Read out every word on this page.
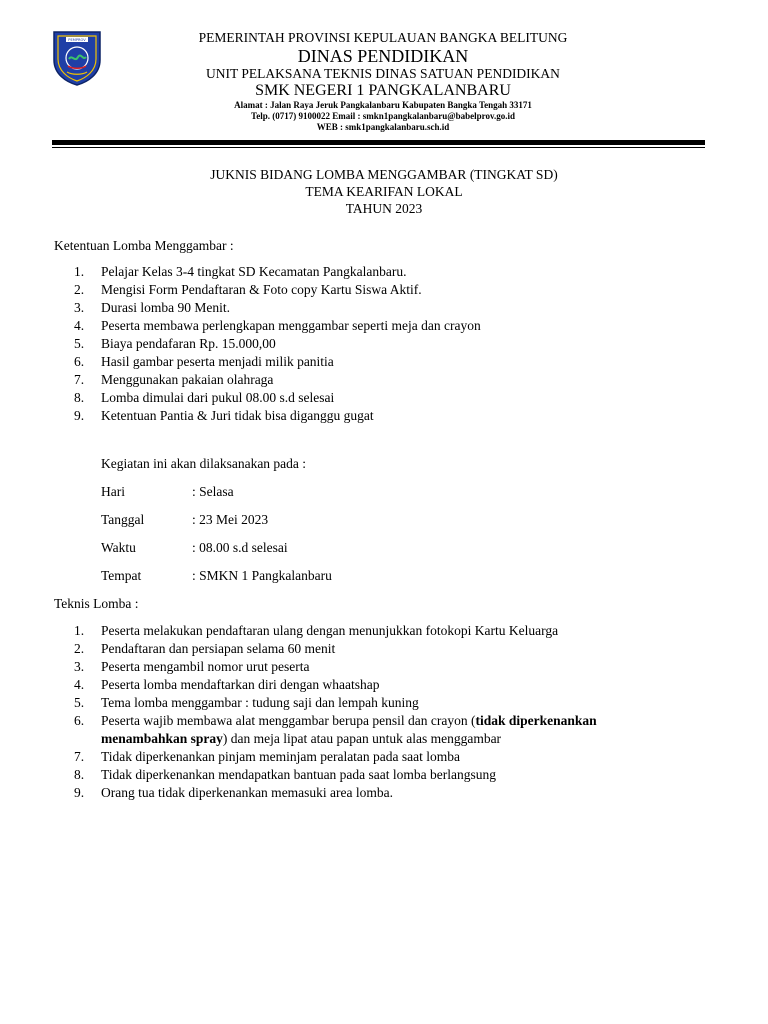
PEMPROV	PEMERINTAH PROVINSI KEPULAUAN BANGKA BELITUNG
DINAS PENDIDIKAN
UNIT PELAKSANA TEKNIS DINAS SATUAN PENDIDIKAN
SMK NEGERI 1 PANGKALANBARU
Alamat : Jalan Raya Jeruk Pangkalanbaru Kabupaten Bangka Tengah 33171
Telp. (0717) 9100022 Email : smkn1pangkalanbaru@babelprov.go.id
WEB : smk1pangkalanbaru.sch.id
JUKNIS BIDANG LOMBA MENGGAMBAR (TINGKAT SD)
TEMA KEARIFAN LOKAL
TAHUN 2023
Ketentuan Lomba Menggambar :
1.	Pelajar Kelas 3-4 tingkat SD Kecamatan Pangkalanbaru.
2.	Mengisi Form Pendaftaran & Foto copy Kartu Siswa Aktif.
3.	Durasi lomba 90 Menit.
4.	Peserta membawa perlengkapan menggambar seperti meja dan crayon
5.	Biaya pendafaran Rp. 15.000,00
6.	Hasil gambar peserta menjadi milik panitia
7.	Menggunakan pakaian olahraga
8.	Lomba dimulai dari pukul 08.00 s.d selesai
9.	Ketentuan Pantia & Juri tidak bisa diganggu gugat
Kegiatan ini akan dilaksanakan pada :
Hari	: Selasa
Tanggal	: 23 Mei 2023
Waktu	: 08.00 s.d selesai
Tempat	: SMKN 1 Pangkalanbaru
Teknis Lomba :
1.	Peserta melakukan pendaftaran ulang dengan menunjukkan fotokopi Kartu Keluarga
2.	Pendaftaran dan persiapan selama 60 menit
3.	Peserta mengambil nomor urut peserta
4.	Peserta lomba mendaftarkan diri dengan whaatshap
5.	Tema lomba menggambar : tudung saji dan lempah kuning
6.	Peserta wajib membawa alat menggambar berupa pensil dan crayon (tidak diperkenankan
menambahkan spray) dan meja lipat atau papan untuk alas menggambar
7.	Tidak diperkenankan pinjam meminjam peralatan pada saat lomba
8.	Tidak diperkenankan mendapatkan bantuan pada saat lomba berlangsung
9.	Orang tua tidak diperkenankan memasuki area lomba.
